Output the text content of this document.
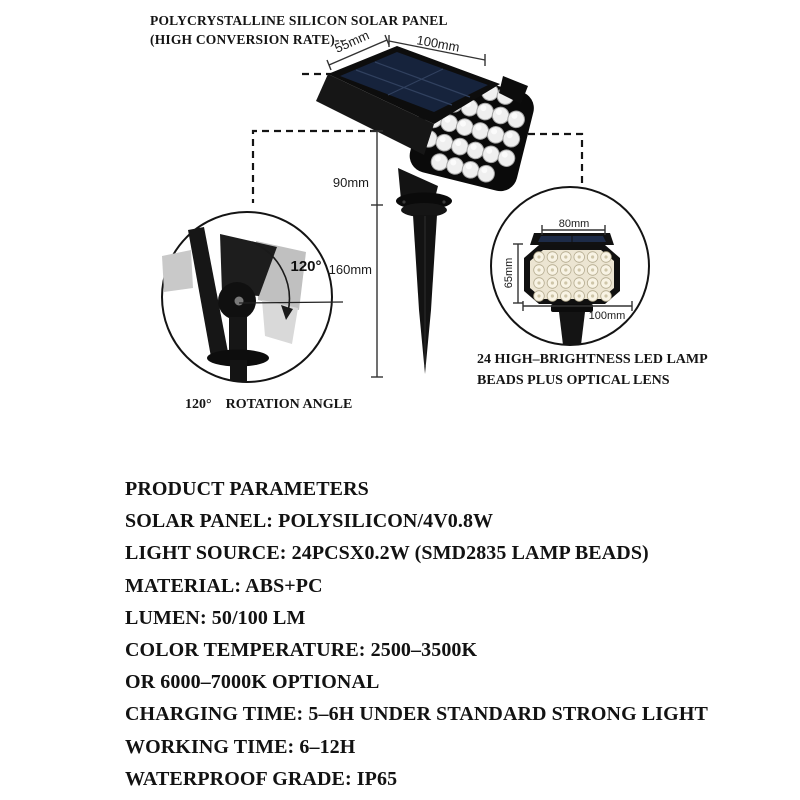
POLYCRYSTALLINE SILICON SOLAR PANEL
(HIGH CONVERSION RATE)--
55mm	100mm
90mm
160mm
120°
80mm
65mm
100mm
120° ROTATION ANGLE
24 HIGH–BRIGHTNESS LED LAMP
BEADS PLUS OPTICAL LENS
PRODUCT PARAMETERS
SOLAR PANEL: POLYSILICON/4V0.8W
LIGHT SOURCE: 24PCSX0.2W (SMD2835 LAMP BEADS)
MATERIAL: ABS+PC
LUMEN: 50/100 LM
COLOR TEMPERATURE: 2500–3500K
OR 6000–7000K OPTIONAL
CHARGING TIME: 5–6H UNDER STANDARD STRONG LIGHT
WORKING TIME: 6–12H
WATERPROOF GRADE: IP65
